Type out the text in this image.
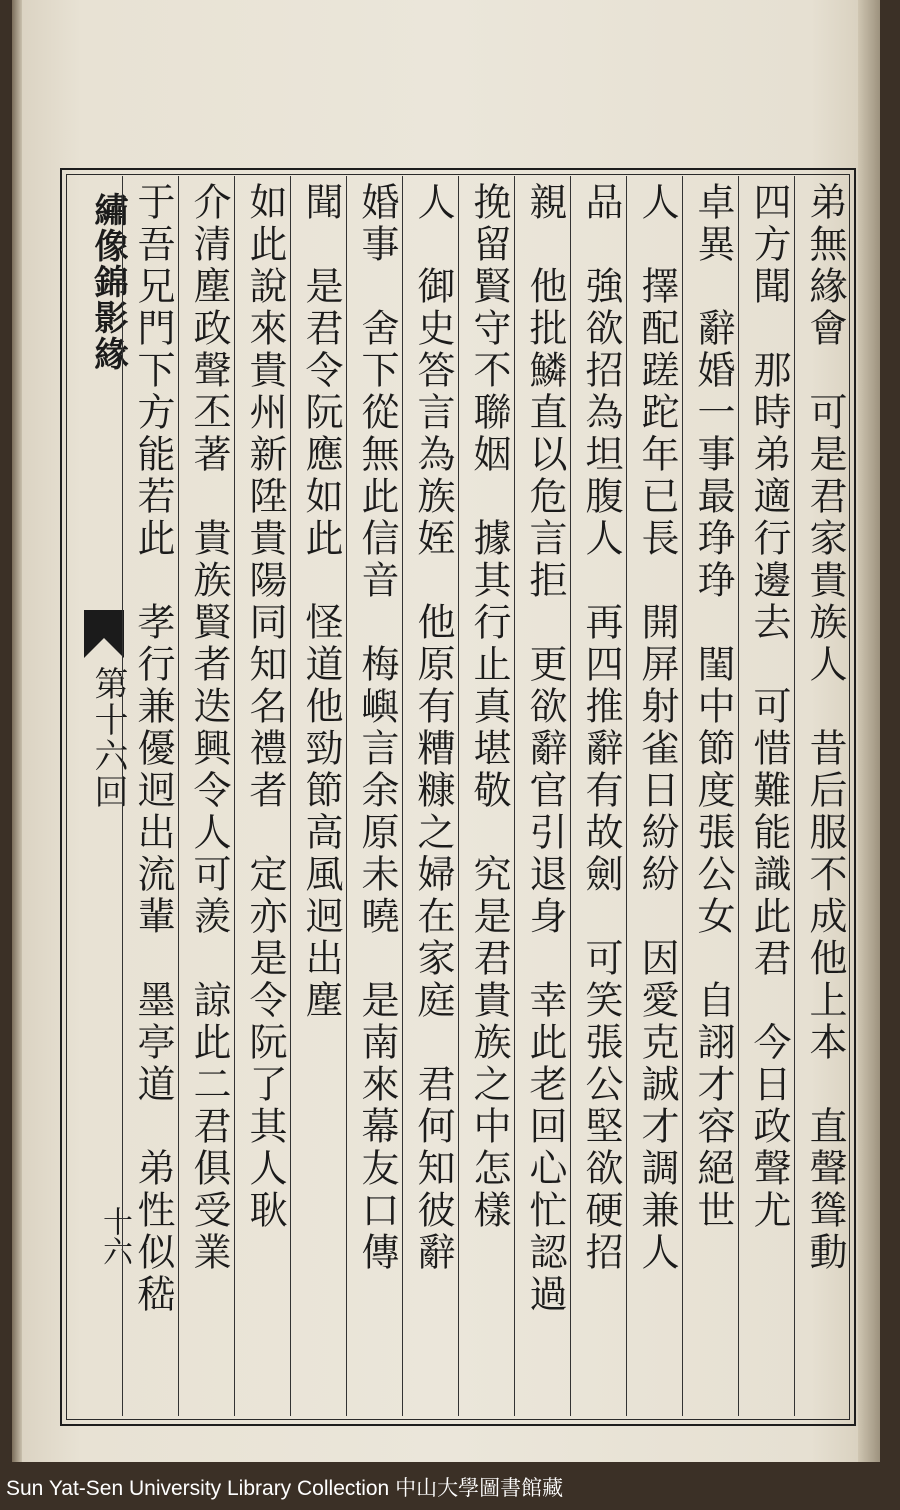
繡像錦影緣
第十六回
十六	弟無緣會　可是君家貴族人　昔后服不成他上本　直聲聳動
四方聞　那時弟適行邊去　可惜難能識此君　今日政聲尤
卓異　辭婚一事最琤琤　閨中節度張公女　自詡才容絕世
人　擇配蹉跎年已長　開屏射雀日紛紛　因愛克誠才調兼人
品　強欲招為坦腹人　再四推辭有故劍　可笑張公堅欲硬招
親　他批鱗直以危言拒　更欲辭官引退身　幸此老回心忙認過
挽留賢守不聯姻　據其行止真堪敬　究是君貴族之中怎樣
人　御史答言為族姪　他原有糟糠之婦在家庭　君何知彼辭
婚事　舍下從無此信音　梅嶼言余原未曉　是南來幕友口傳
聞　是君令阮應如此　怪道他勁節高風迥出塵
如此說來貴州新陞貴陽同知名禮者　定亦是令阮了其人耿
介清塵政聲丕著　貴族賢者迭興令人可羨　諒此二君俱受業
于吾兄門下方能若此　孝行兼優迥出流輩　墨亭道　弟性似嵇
Sun Yat-Sen University Library Collection 中山大學圖書館藏
